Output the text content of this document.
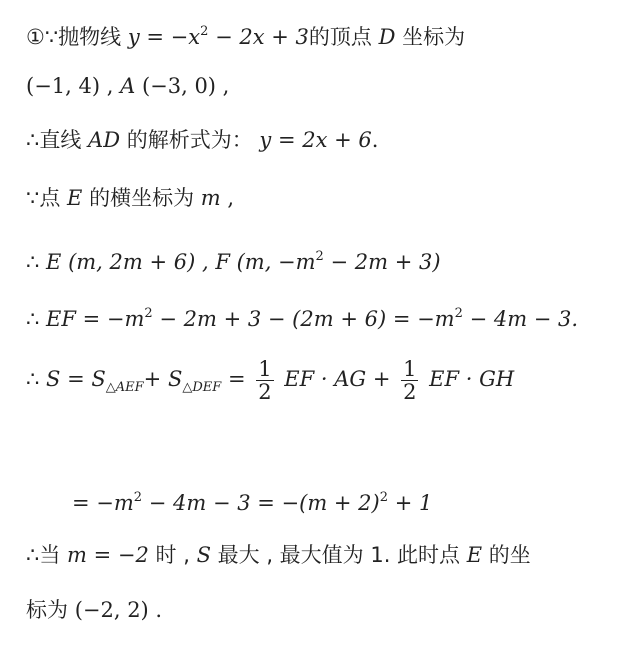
①∵抛物线 $y = -x^2 - 2x + 3$的顶点 D 坐标为
(−1, 4) , A (−3, 0) ,
∴直线 AD 的解析式为： y = 2x + 6.
∵点 E 的横坐标为 m ,
∴ E (m, 2m + 6) , F (m, $-m^2 - 2m + 3$)
∴ EF = $-m^2 - 2m + 3 - (2m + 6) = -m^2 - 4m - 3$.
∴ $S = S_{\triangle AEF}+ S_{\triangle DEF} = \frac{1}{2}$ EF · AG + $\frac{1}{2}$ EF · GH
= $-m^2 - 4m - 3 = -(m + 2)^2 + 1$
∴当 m = −2 时 , S 最大 , 最大值为 1. 此时点 E 的坐
标为 (−2, 2) .
